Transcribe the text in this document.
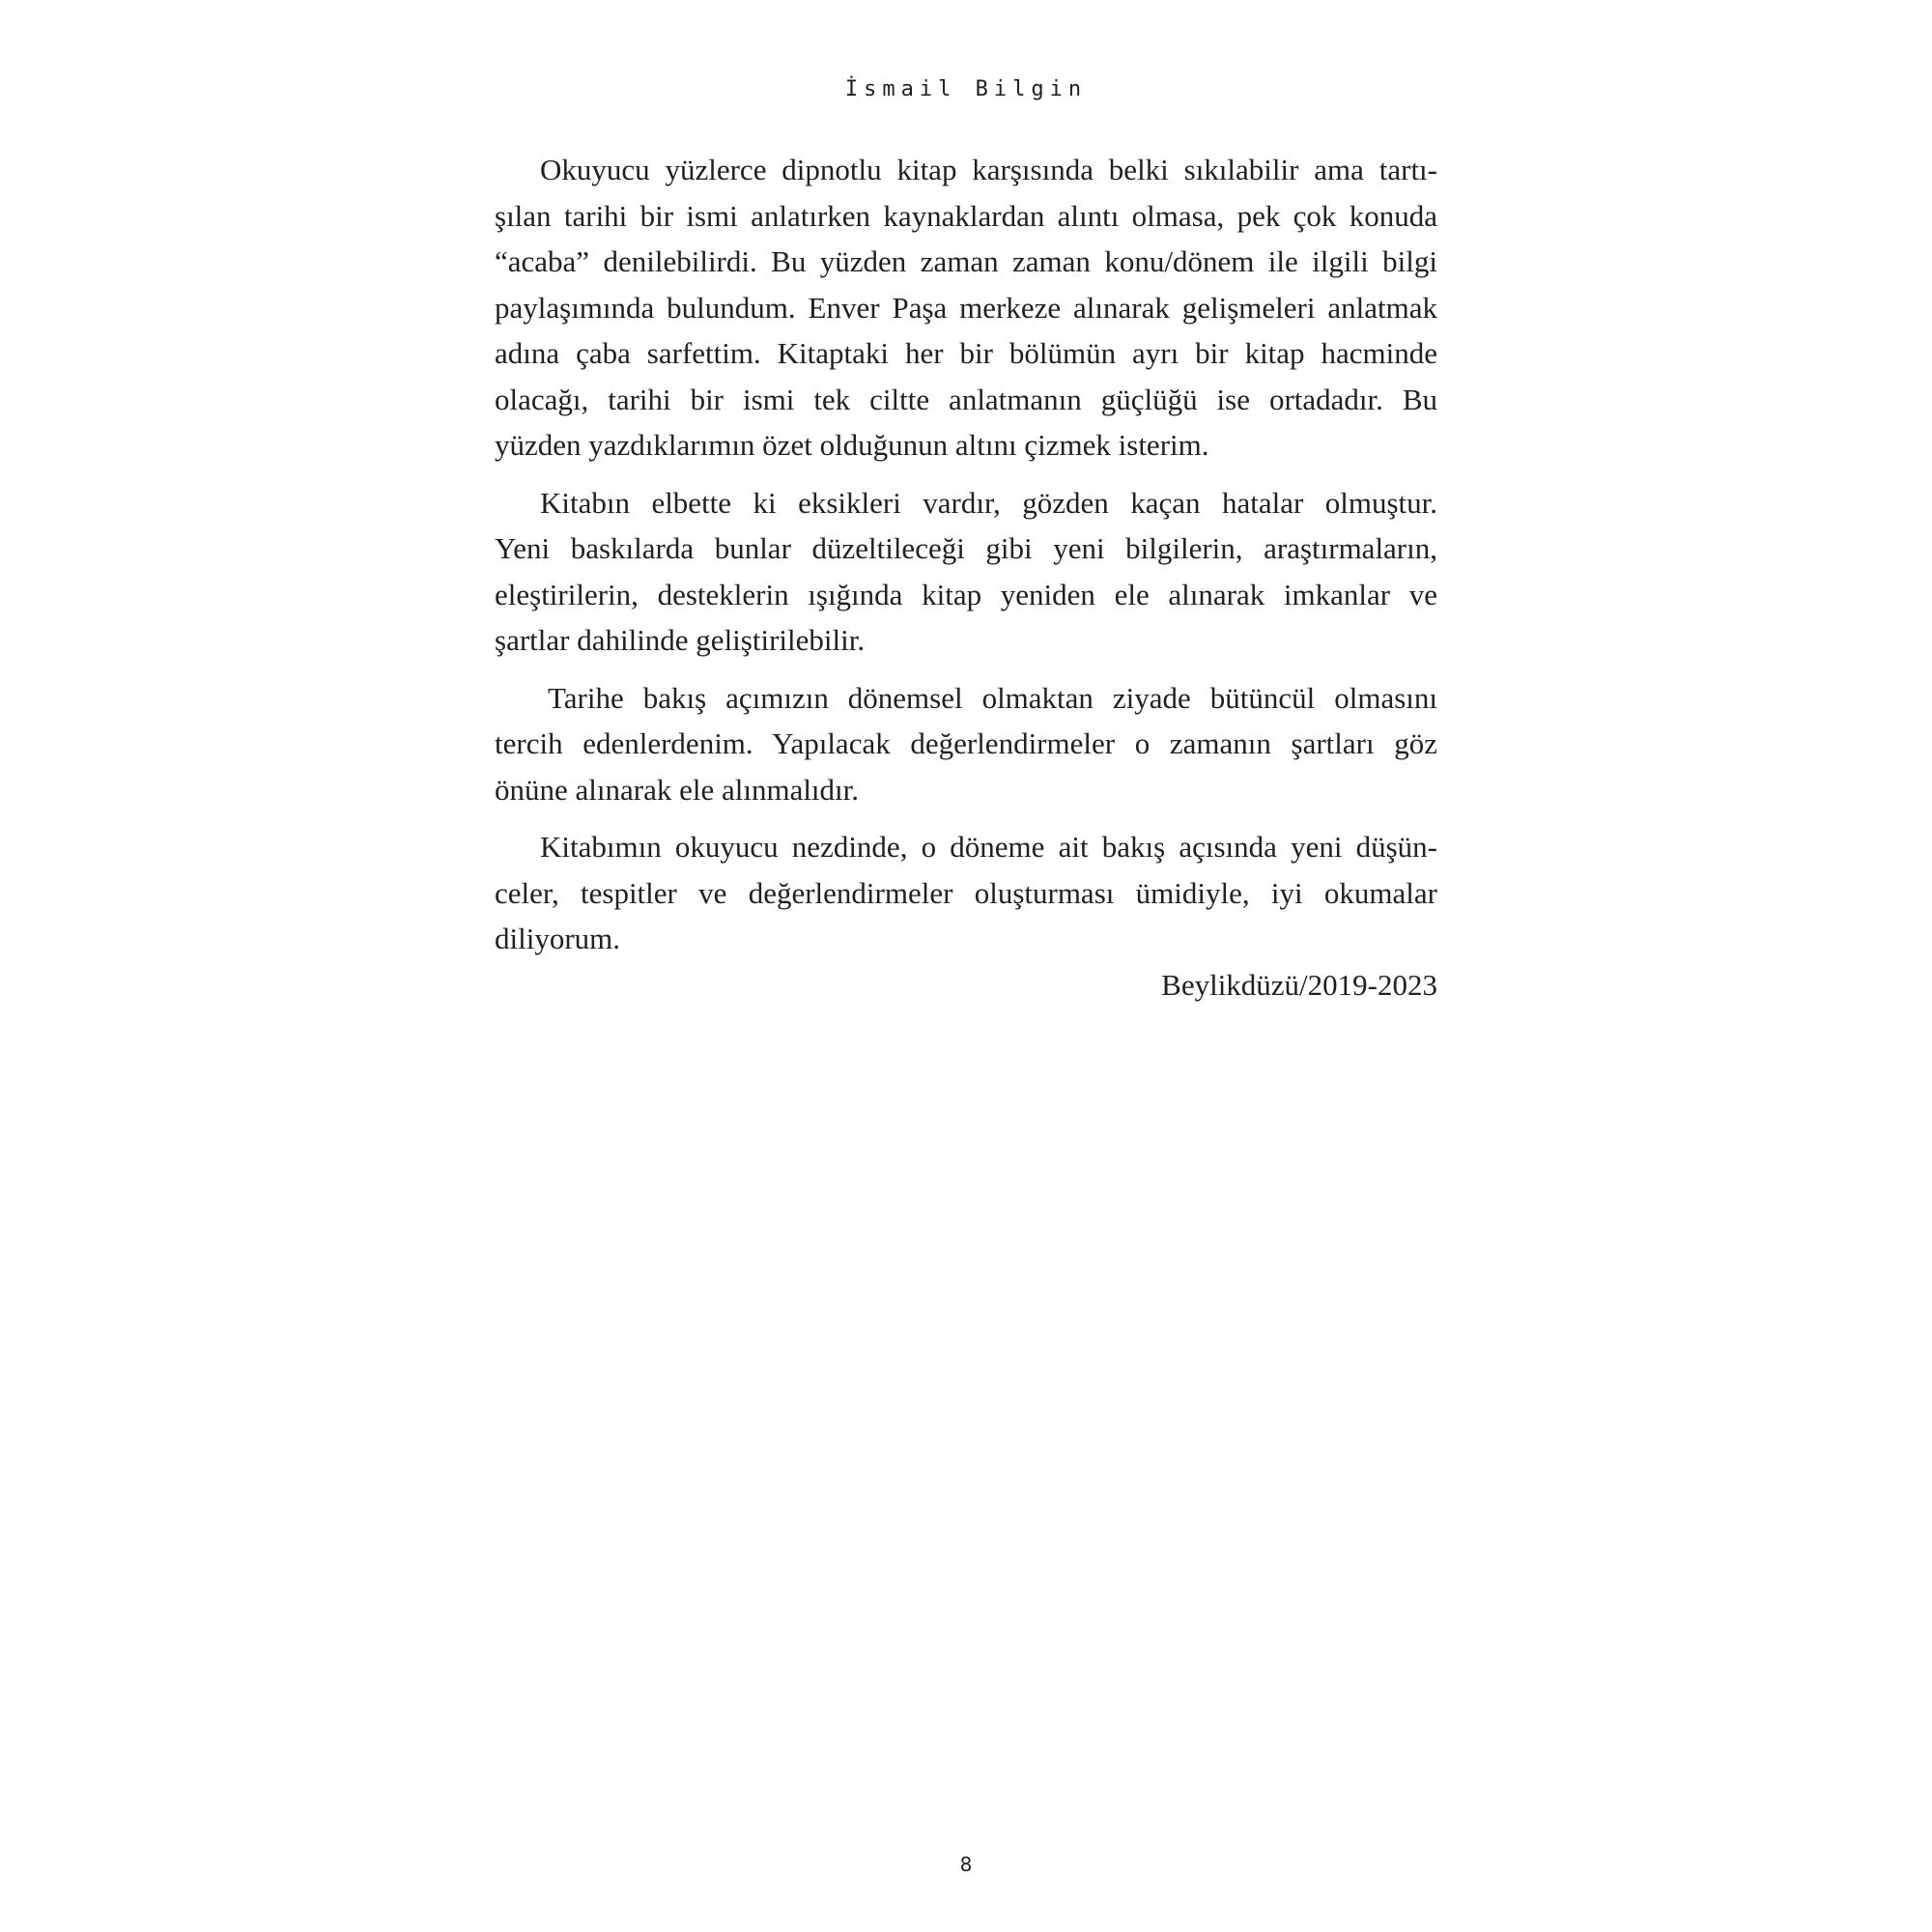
İsmail Bilgin
Okuyucu yüzlerce dipnotlu kitap karşısında belki sıkılabilir ama tartı-
şılan tarihi bir ismi anlatırken kaynaklardan alıntı olmasa, pek çok konuda
“acaba” denilebilirdi. Bu yüzden zaman zaman konu/dönem ile ilgili bilgi
paylaşımında bulundum. Enver Paşa merkeze alınarak gelişmeleri anlatmak
adına çaba sarfettim. Kitaptaki her bir bölümün ayrı bir kitap hacminde
olacağı, tarihi bir ismi tek ciltte anlatmanın güçlüğü ise ortadadır. Bu
yüzden yazdıklarımın özet olduğunun altını çizmek isterim.
Kitabın elbette ki eksikleri vardır, gözden kaçan hatalar olmuştur.
Yeni baskılarda bunlar düzeltileceği gibi yeni bilgilerin, araştırmaların,
eleştirilerin, desteklerin ışığında kitap yeniden ele alınarak imkanlar ve
şartlar dahilinde geliştirilebilir.
Tarihe bakış açımızın dönemsel olmaktan ziyade bütüncül olmasını
tercih edenlerdenim. Yapılacak değerlendirmeler o zamanın şartları göz
önüne alınarak ele alınmalıdır.
Kitabımın okuyucu nezdinde, o döneme ait bakış açısında yeni düşün-
celer, tespitler ve değerlendirmeler oluşturması ümidiyle, iyi okumalar
diliyorum.
Beylikdüzü/2019-2023
8
